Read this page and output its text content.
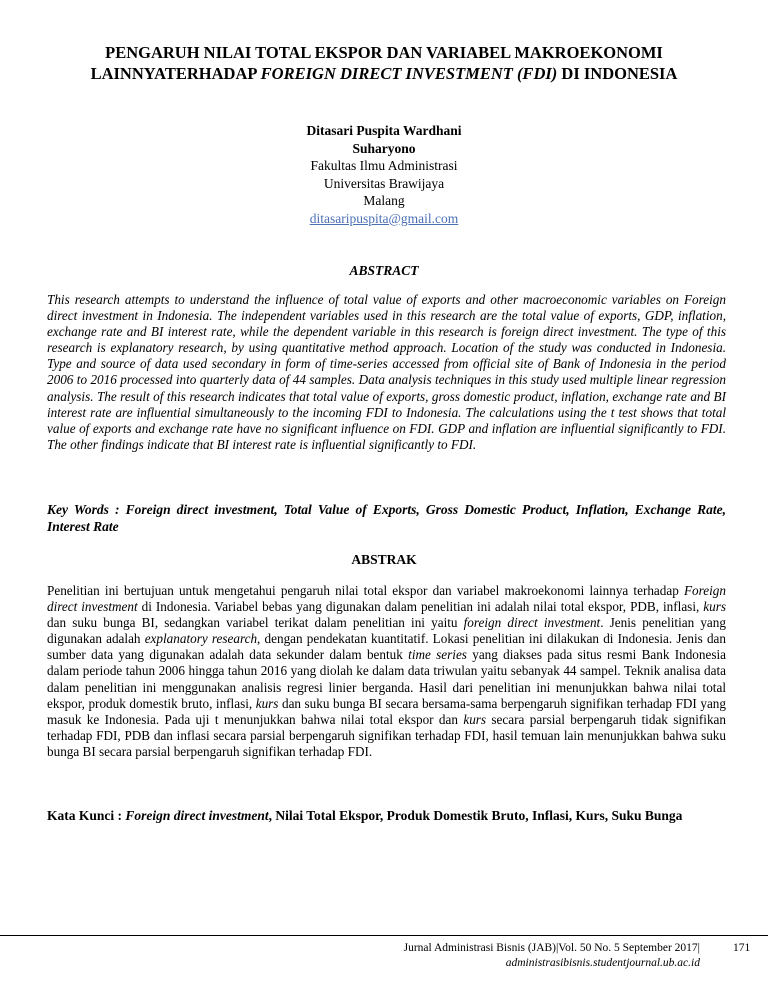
PENGARUH NILAI TOTAL EKSPOR DAN VARIABEL MAKROEKONOMI
LAINNYATERHADAP FOREIGN DIRECT INVESTMENT (FDI) DI INDONESIA
Ditasari Puspita Wardhani
Suharyono
Fakultas Ilmu Administrasi
Universitas Brawijaya
Malang
ditasaripuspita@gmail.com
ABSTRACT
This research attempts to understand the influence of total value of exports and other macroeconomic variables on Foreign direct investment in Indonesia. The independent variables used in this research are the total value of exports, GDP, inflation, exchange rate and BI interest rate, while the dependent variable in this research is foreign direct investment. The type of this research is explanatory research, by using quantitative method approach. Location of the study was conducted in Indonesia. Type and source of data used secondary in form of time-series accessed from official site of Bank of Indonesia in the period 2006 to 2016 processed into quarterly data of 44 samples. Data analysis techniques in this study used multiple linear regression analysis. The result of this research indicates that total value of exports, gross domestic product, inflation, exchange rate and BI interest rate are influential simultaneously to the incoming FDI to Indonesia. The calculations using the t test shows that total value of exports and exchange rate have no significant influence on FDI. GDP and inflation are influential significantly to FDI. The other findings indicate that BI interest rate is influential significantly to FDI.
Key Words : Foreign direct investment, Total Value of Exports, Gross Domestic Product, Inflation, Exchange Rate, Interest Rate
ABSTRAK
Penelitian ini bertujuan untuk mengetahui pengaruh nilai total ekspor dan variabel makroekonomi lainnya terhadap Foreign direct investment di Indonesia. Variabel bebas yang digunakan dalam penelitian ini adalah nilai total ekspor, PDB, inflasi, kurs dan suku bunga BI, sedangkan variabel terikat dalam penelitian ini yaitu foreign direct investment. Jenis penelitian yang digunakan adalah explanatory research, dengan pendekatan kuantitatif. Lokasi penelitian ini dilakukan di Indonesia. Jenis dan sumber data yang digunakan adalah data sekunder dalam bentuk time series yang diakses pada situs resmi Bank Indonesia dalam periode tahun 2006 hingga tahun 2016 yang diolah ke dalam data triwulan yaitu sebanyak 44 sampel. Teknik analisa data dalam penelitian ini menggunakan analisis regresi linier berganda. Hasil dari penelitian ini menunjukkan bahwa nilai total ekspor, produk domestik bruto, inflasi, kurs dan suku bunga BI secara bersama-sama berpengaruh signifikan terhadap FDI yang masuk ke Indonesia. Pada uji t menunjukkan bahwa nilai total ekspor dan kurs secara parsial berpengaruh tidak signifikan terhadap FDI, PDB dan inflasi secara parsial berpengaruh signifikan terhadap FDI, hasil temuan lain menunjukkan bahwa suku bunga BI secara parsial berpengaruh signifikan terhadap FDI.
Kata Kunci : Foreign direct investment, Nilai Total Ekspor, Produk Domestik Bruto, Inflasi, Kurs, Suku Bunga
Jurnal Administrasi Bisnis (JAB)|Vol. 50 No. 5 September 2017|
administrasibisnis.studentjournal.ub.ac.id
171
